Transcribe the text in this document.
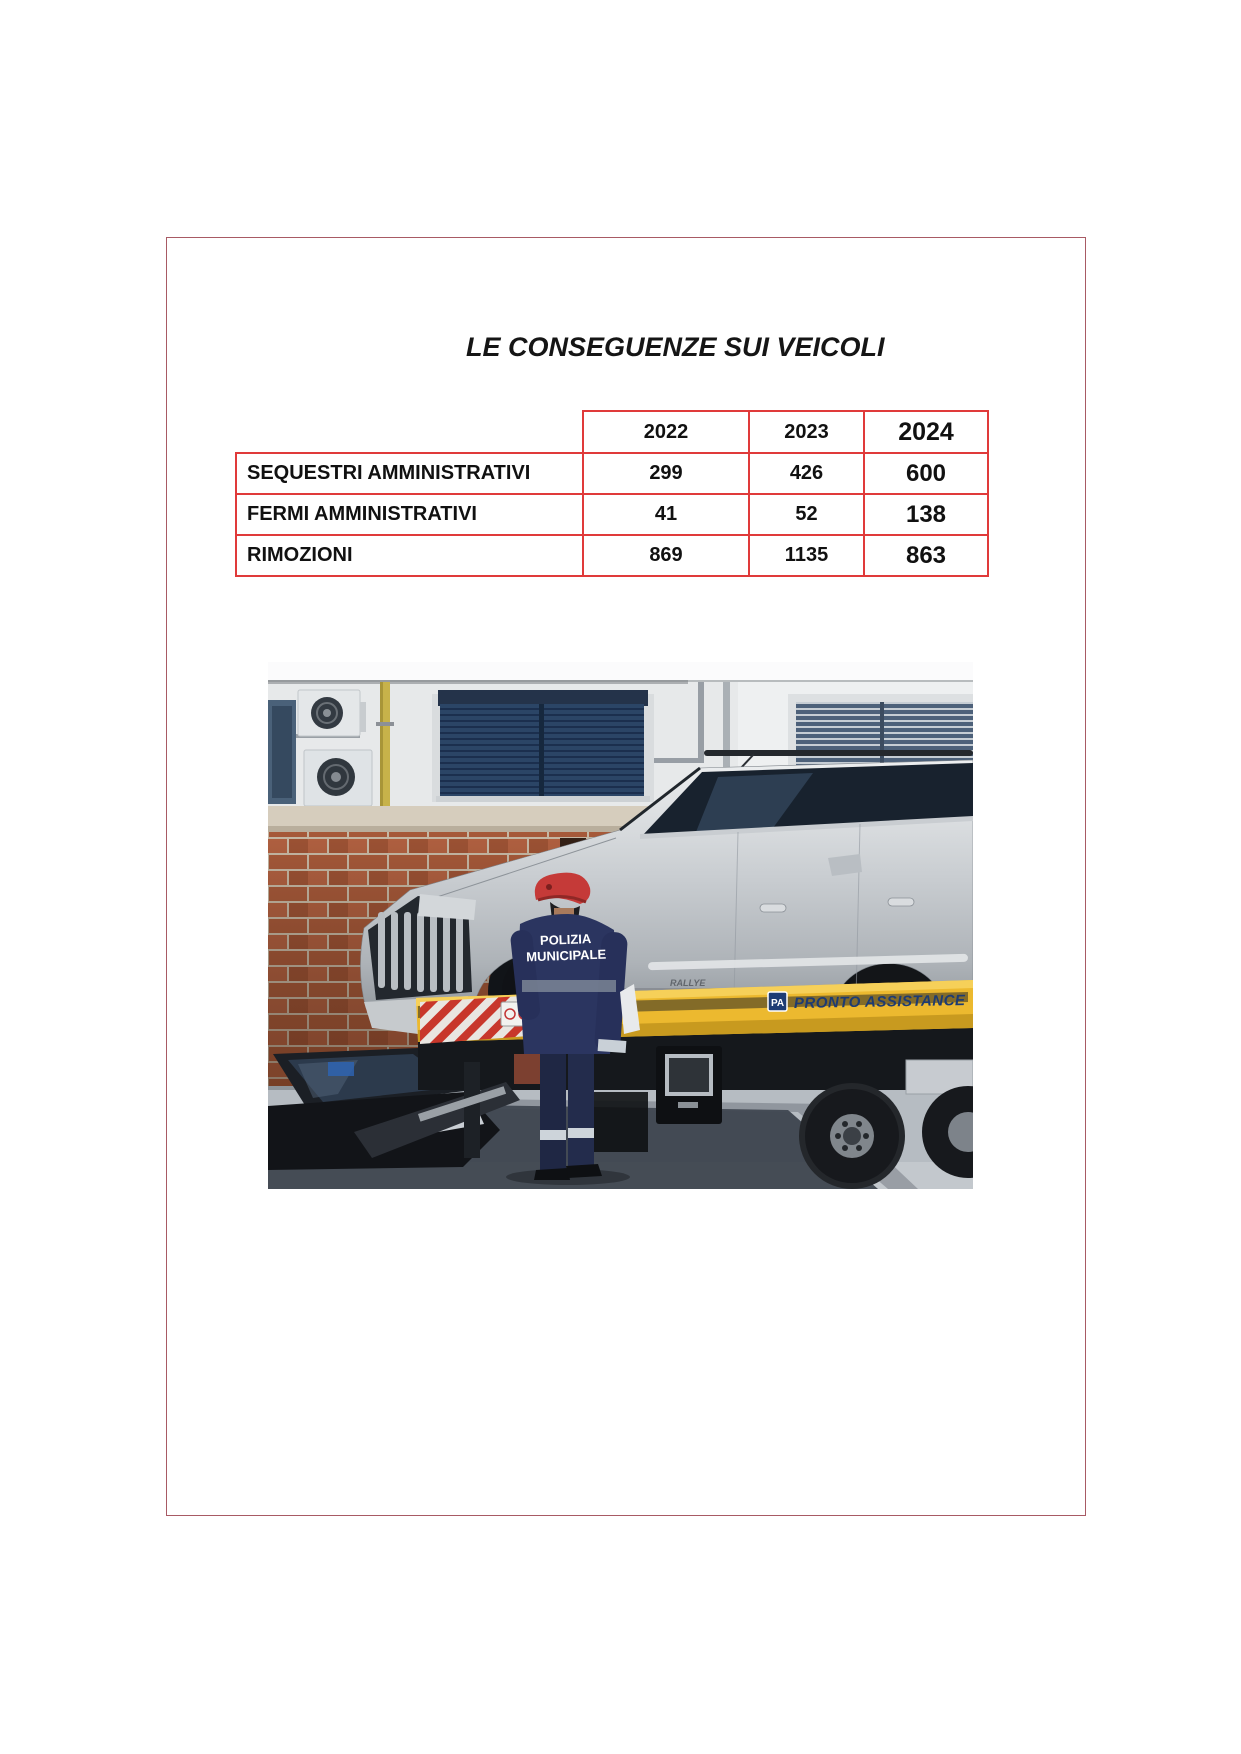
LE CONSEGUENZE SUI VEICOLI
	2022	2023	2024
SEQUESTRI AMMINISTRATIVI	299	426	600
FERMI AMMINISTRATIVI	41	52	138
RIMOZIONI	869	1135	863
RALLYE
PA PRONTO ASSISTANCE
POLIZIA
MUNICIPALE
